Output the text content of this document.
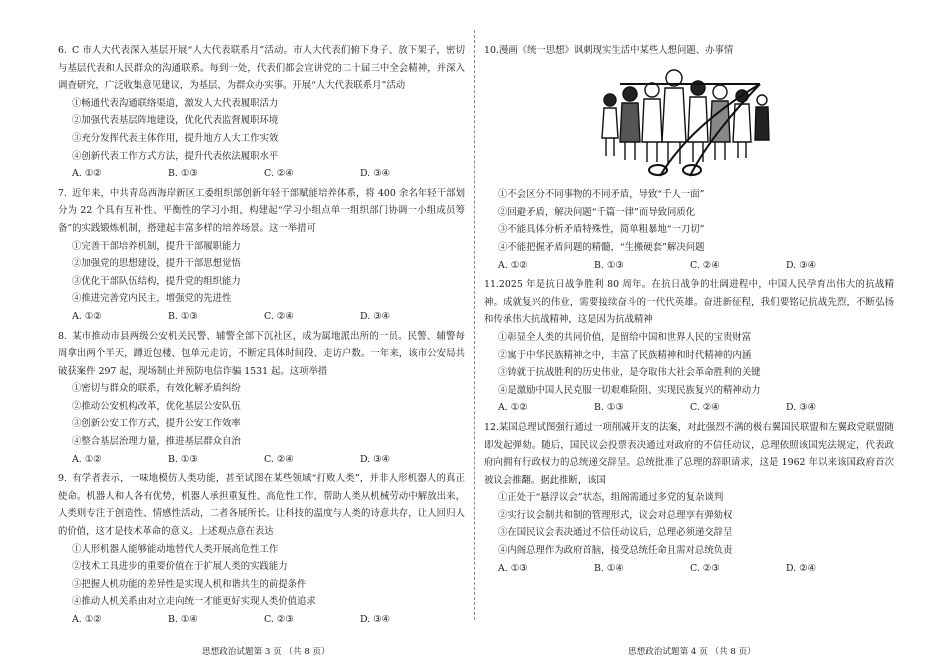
6. C 市人大代表深入基层开展“人大代表联系月”活动。市人大代表们俯下身子、放下架子，密切与基层代表和人民群众的沟通联系。每到一处，代表们都会宣讲党的二十届三中全会精神，并深入调查研究，广泛收集意见建议，为基层、为群众办实事。开展“人大代表联系月”活动

①畅通代表沟通联络渠道，激发人大代表履职活力

②加强代表基层阵地建设，优化代表监督履职环境

③充分发挥代表主体作用，提升地方人大工作实效

④创新代表工作方式方法，提升代表依法履职水平

A. ①②	B. ①③	C. ②④	D. ③④

7. 近年来，中共青岛西海岸新区工委组织部创新年轻干部赋能培养体系，将 400 余名年轻干部划分为 22 个具有互补性、平衡性的学习小组，构建起“学习小组点单一组织部门协调一小组成员筹备”的实践锻炼机制，搭建起丰富多样的培养场景。这一举措可

①完善干部培养机制，提升干部履职能力

②加强党的思想建设，提升干部思想觉悟

③优化干部队伍结构，提升党的组织能力

④推进完善党内民主，增强党的先进性

A. ①②	B. ①③	C. ②④	D. ③④

8. 某市推动市县两级公安机关民警、辅警全部下沉社区，成为属地派出所的一员。民警、辅警每周拿出两个半天，蹲近包楼、包单元走访，不断定具体时间段、走访户数。一年来，该市公安局共破获案件 297 起，现场制止并预防电信诈骗 1531 起。这项举措

①密切与群众的联系，有效化解矛盾纠纷

②推动公安机构改革，优化基层公安队伍

③创新公安工作方式，提升公安工作效率

④整合基层治理力量，推进基层群众自治

A. ①②	B. ①③	C. ②④	D. ③④

9. 有学者表示，一味地模仿人类功能，甚至试图在某些领域“打败人类”，并非人形机器人的真正使命。机器人和人各有优势，机器人承担重复性、高危性工作，帮助人类从机械劳动中解放出来，人类则专注于创造性、情感性活动，二者各展所长。让科技的温度与人类的诗意共存，让人回归人的价值，这才是技术革命的意义。上述观点意在表达

①人形机器人能够能动地替代人类开展高危性工作

②技术工具进步的重要价值在于扩展人类的实践能力

③把握人机功能的差异性是实现人机和谐共生的前提条件

④推动人机关系由对立走向统一才能更好实现人类价值追求

A. ①②	B. ①④	C. ②③	D. ③④

10.漫画《统一思想》讽刺现实生活中某些人想问题、办事情

①不会区分不同事物的不同矛盾，导致“千人一面”

②回避矛盾，解决问题“千篇一律”而导致同质化

③不能具体分析矛盾特殊性，简单粗暴地“一刀切”

④不能把握矛盾问题的精髓，“生搬硬套”解决问题

A. ①②	B. ①③	C. ②④	D. ③④

11.2025 年是抗日战争胜利 80 周年。在抗日战争的壮阔进程中，中国人民孕育出伟大的抗战精神。成就复兴的伟业，需要接续奋斗的一代代英雄。奋进新征程，我们要铭记抗战先烈，不断弘扬和传承伟大抗战精神，这是因为抗战精神

①彰显全人类的共同价值，是留给中国和世界人民的宝贵财富

②寓于中华民族精神之中，丰富了民族精神和时代精神的内涵

③铸就于抗战胜利的历史伟业，是夺取伟大社会革命胜利的关键

④是激励中国人民克服一切艰难险阻、实现民族复兴的精神动力

A. ①②	B. ①③	C. ②④	D. ③④

12.某国总理试图强行通过一项削减开支的法案，对此强烈不满的极右翼国民联盟和左翼政党联盟随即发起弹劾。随后，国民议会投票表决通过对政府的不信任动议，总理依照该国宪法规定，代表政府向拥有行政权力的总统递交辞呈。总统批准了总理的辞职请求，这是 1962 年以来该国政府首次被议会推翻。据此推断，该国

①正处于“悬浮议会”状态，组阁需通过多党的复杂谈判

②实行议会制共和制的管理形式，议会对总理享有弹劾权

③在国民议会表决通过不信任动议后，总理必须递交辞呈

④内阁总理作为政府首脑，接受总统任命且需对总统负责

A. ①③	B. ①④	C. ②③	D. ②④
思想政治试题第 3 页 （共 8 页）	思想政治试题第 4 页 （共 8 页）
